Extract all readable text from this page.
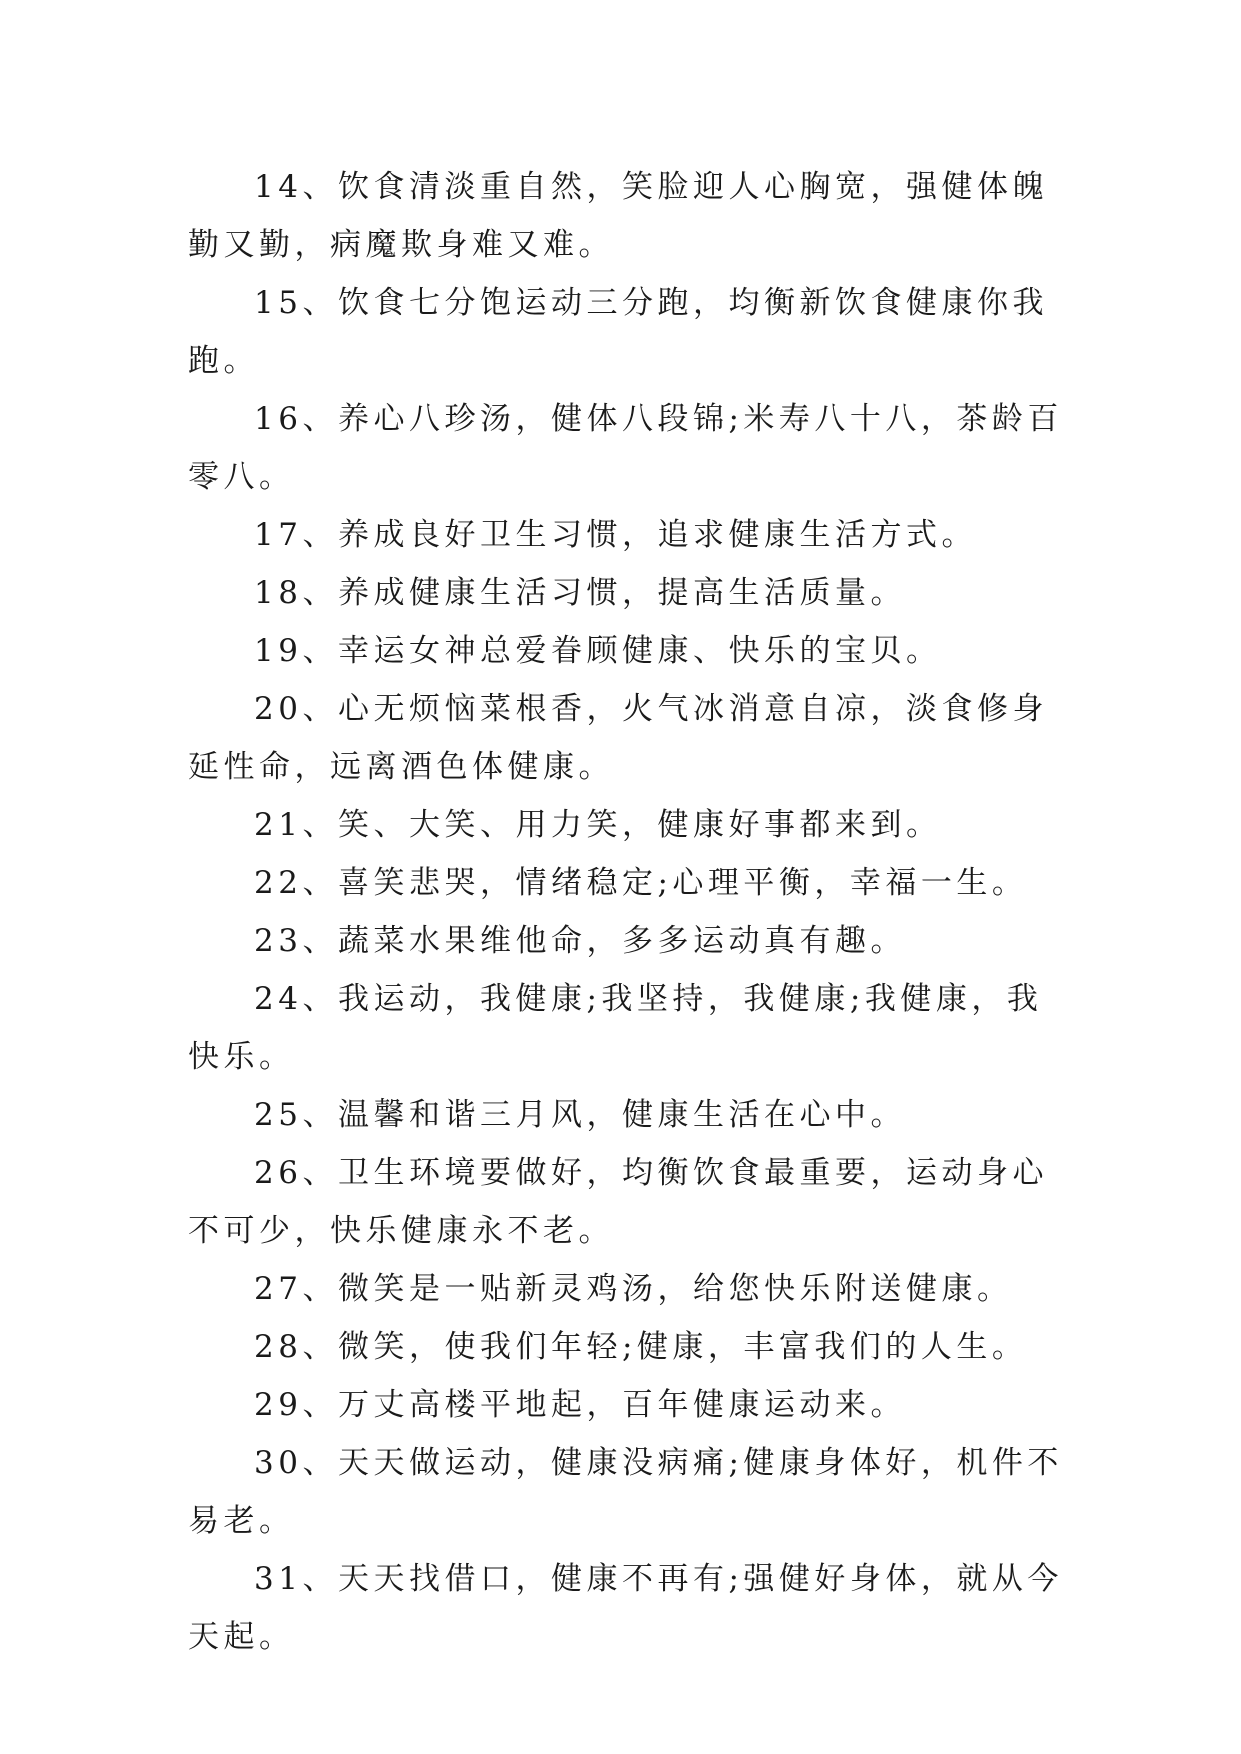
14、饮食清淡重自然，笑脸迎人心胸宽，强健体魄勤又勤，病魔欺身难又难。

15、饮食七分饱运动三分跑，均衡新饮食健康你我跑。

16、养心八珍汤，健体八段锦;米寿八十八，茶龄百零八。

17、养成良好卫生习惯，追求健康生活方式。

18、养成健康生活习惯，提高生活质量。

19、幸运女神总爱眷顾健康、快乐的宝贝。

20、心无烦恼菜根香，火气冰消意自凉，淡食修身延性命，远离酒色体健康。

21、笑、大笑、用力笑，健康好事都来到。

22、喜笑悲哭，情绪稳定;心理平衡，幸福一生。

23、蔬菜水果维他命，多多运动真有趣。

24、我运动，我健康;我坚持，我健康;我健康，我快乐。

25、温馨和谐三月风，健康生活在心中。

26、卫生环境要做好，均衡饮食最重要，运动身心不可少，快乐健康永不老。

27、微笑是一贴新灵鸡汤，给您快乐附送健康。

28、微笑，使我们年轻;健康，丰富我们的人生。

29、万丈高楼平地起，百年健康运动来。

30、天天做运动，健康没病痛;健康身体好，机件不易老。

31、天天找借口，健康不再有;强健好身体，就从今天起。
